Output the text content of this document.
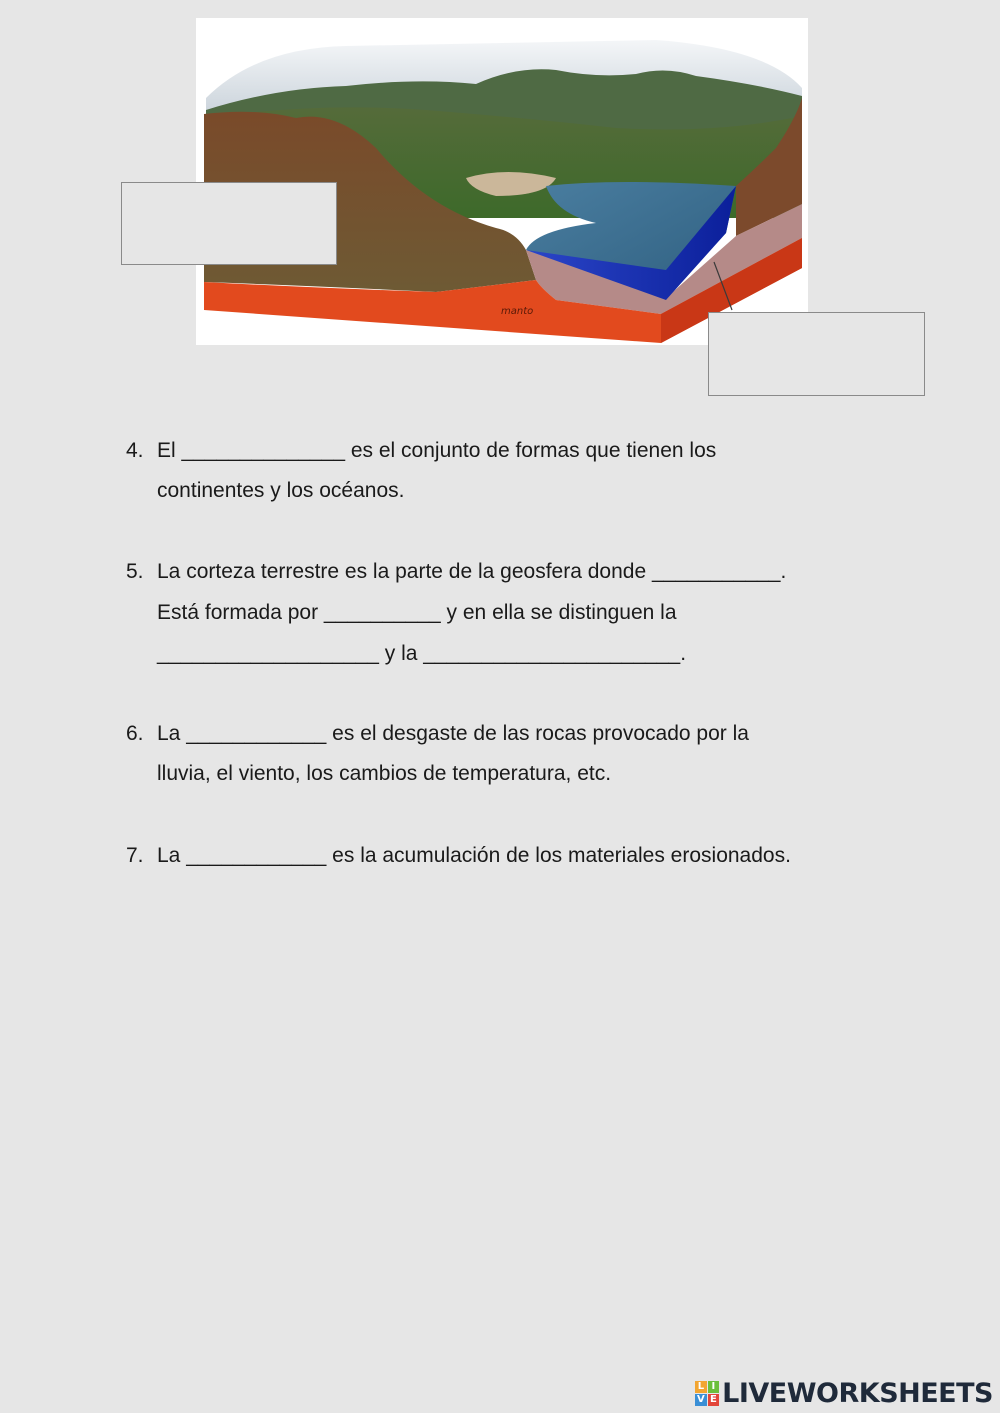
manto
4. El ______________ es el conjunto de formas que tienen los
continentes y los océanos.
5. La corteza terrestre es la parte de la geosfera donde ___________.
Está formada por __________ y en ella se distinguen la
___________________ y la ______________________.
6. La ____________ es el desgaste de las rocas provocado por la
lluvia, el viento, los cambios de temperatura, etc.
7. La ____________ es la acumulación de los materiales erosionados.
L I
V E LIVEWORKSHEETS
